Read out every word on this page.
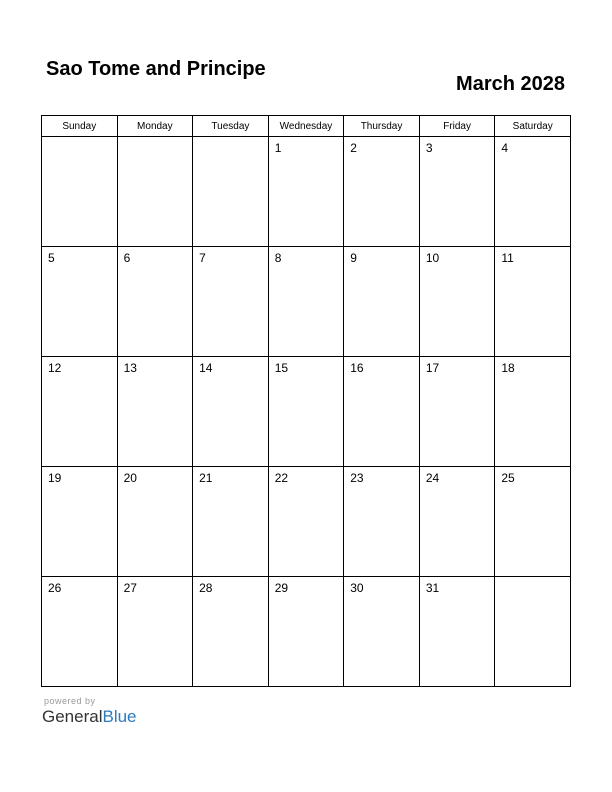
Sao Tome and Principe
March 2028
Sunday	Monday	Tuesday	Wednesday	Thursday	Friday	Saturday

			1	2	3	4

5	6	7	8	9	10	11

12	13	14	15	16	17	18

19	20	21	22	23	24	25

26	27	28	29	30	31	

powered by
GeneralBlue
